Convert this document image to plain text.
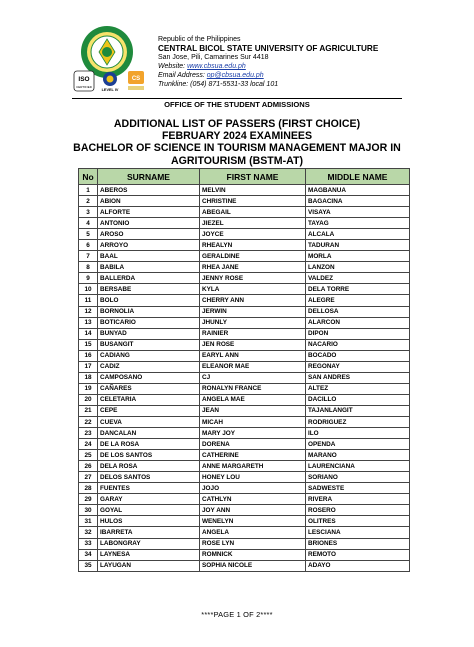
ISO
CERTIFIED
LEVEL IV
CS
Republic of the Philippines
CENTRAL BICOL STATE UNIVERSITY OF AGRICULTURE
San Jose, Pili, Camarines Sur 4418
Website: www.cbsua.edu.ph
Email Address: op@cbsua.edu.ph
Trunkline: (054) 871-5531-33 local 101
OFFICE OF THE STUDENT ADMISSIONS
ADDITIONAL LIST OF PASSERS (FIRST CHOICE)
FEBRUARY 2024 EXAMINEES
BACHELOR OF SCIENCE IN TOURISM MANAGEMENT MAJOR IN
AGRITOURISM (BSTM-AT)
No	SURNAME	FIRST NAME	MIDDLE NAME
1	ABEROS	MELVIN	MAGBANUA
2	ABION	CHRISTINE	BAGACINA
3	ALFORTE	ABEGAIL	VISAYA
4	ANTONIO	JIEZEL	TAYAG
5	AROSO	JOYCE	ALCALA
6	ARROYO	RHEALYN	TADURAN
7	BAAL	GERALDINE	MORLA
8	BABILA	RHEA JANE	LANZON
9	BALLERDA	JENNY ROSE	VALDEZ
10	BERSABE	KYLA	DELA TORRE
11	BOLO	CHERRY ANN	ALEGRE
12	BORNOLIA	JERWIN	DELLOSA
13	BOTICARIO	JHUNLY	ALARCON
14	BUNYAD	RAINIER	DIPON
15	BUSANGIT	JEN ROSE	NACARIO
16	CADIANG	EARYL ANN	BOCADO
17	CADIZ	ELEANOR MAE	REGONAY
18	CAMPOSANO	CJ	SAN ANDRES
19	CAÑARES	RONALYN FRANCE	ALTEZ
20	CELETARIA	ANGELA MAE	DACILLO
21	CEPE	JEAN	TAJANLANGIT
22	CUEVA	MICAH	RODRIGUEZ
23	DANCALAN	MARY JOY	ILO
24	DE LA ROSA	DORENA	OPENDA
25	DE LOS SANTOS	CATHERINE	MARANO
26	DELA ROSA	ANNE MARGARETH	LAURENCIANA
27	DELOS SANTOS	HONEY LOU	SORIANO
28	FUENTES	JOJO	SADWESTE
29	GARAY	CATHLYN	RIVERA
30	GOYAL	JOY ANN	ROSERO
31	HULOS	WENELYN	OLITRES
32	IBARRETA	ANGELA	LESCIANA
33	LABONGRAY	ROSE LYN	BRIONES
34	LAYNESA	ROMNICK	REMOTO
35	LAYUGAN	SOPHIA NICOLE	ADAYO
****PAGE 1 OF 2****
